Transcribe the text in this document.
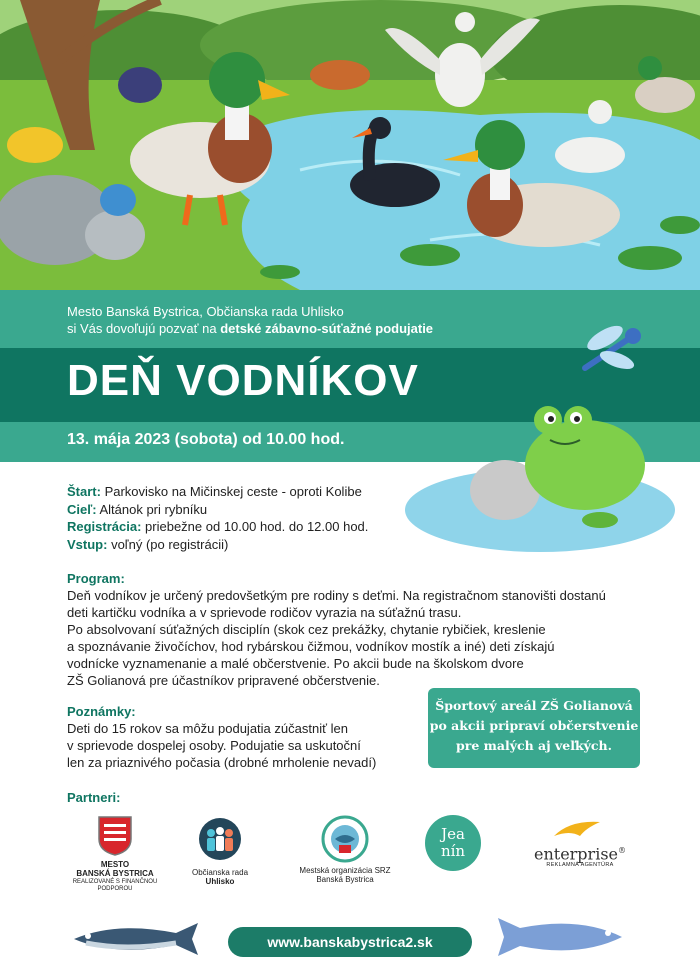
Mesto Banská Bystrica, Občianska rada Uhlisko

si Vás dovoľujú pozvať na detské zábavno-súťažné podujatie

DEŇ VODNÍKOV

13. mája 2023 (sobota) od 10.00 hod.

Štart: Parkovisko na Mičinskej ceste - oproti Kolibe
Cieľ: Altánok pri rybníku
Registrácia: priebežne od 10.00 hod. do 12.00 hod.
Vstup: voľný (po registrácii)
Program:
Deň vodníkov je určený predovšetkým pre rodiny s deťmi. Na registračnom stanovišti dostanú
deti kartičku vodníka a v sprievode rodičov vyrazia na súťažnú trasu.
Po absolvovaní súťažných disciplín (skok cez prekážky, chytanie rybičiek, kreslenie
a spoznávanie živočíchov, hod rybárskou čižmou, vodníkov mostík a iné) deti získajú
vodnícke vyznamenanie a malé občerstvenie. Po akcii bude na školskom dvore
ZŠ Golianová pre účastníkov pripravené občerstvenie.
Poznámky:
Deti do 15 rokov sa môžu podujatia zúčastniť len
v sprievode dospelej osoby. Podujatie sa uskutoční
len za priaznivého počasia (drobné mrholenie nevadí)
Športový areál ZŠ Golianová
po akcii pripraví občerstvenie
pre malých aj veľkých.
Partneri:
MESTO
BANSKÁ BYSTRICA
REALIZOVANÉ S FINANČNOU
PODPOROU
Občianska rada
Uhlisko
Mestská organizácia SRZ
Banská Bystrica
Jea
nín	enterprise®
REKLAMNÁ AGENTÚRA
www.banskabystrica2.sk
